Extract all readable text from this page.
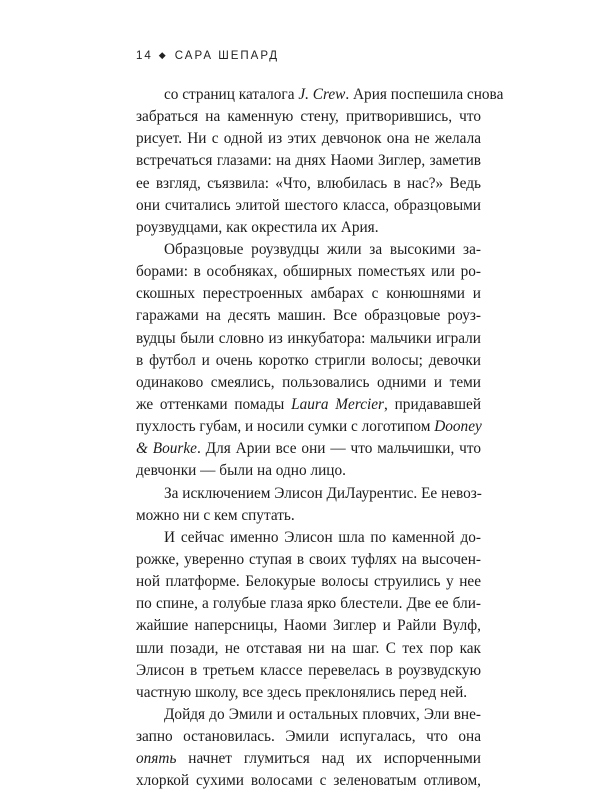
14 ◆ САРА ШЕПАРД
со страниц каталога J. Crew. Ария поспешила снова
забраться на каменную стену, притворившись, что
рисует. Ни с одной из этих девчонок она не желала
встречаться глазами: на днях Наоми Зиглер, заметив
ее взгляд, съязвила: «Что, влюбилась в нас?» Ведь
они считались элитой шестого класса, образцовыми
роузвудцами, как окрестила их Ария.
Образцовые роузвудцы жили за высокими за-
борами: в особняках, обширных поместьях или ро-
скошных перестроенных амбарах с конюшнями и
гаражами на десять машин. Все образцовые роуз-
вудцы были словно из инкубатора: мальчики играли
в футбол и очень коротко стригли волосы; девочки
одинаково смеялись, пользовались одними и теми
же оттенками помады Laura Mercier, придававшей
пухлость губам, и носили сумки с логотипом Dooney
& Bourke. Для Арии все они — что мальчишки, что
девчонки — были на одно лицо.
За исключением Элисон ДиЛаурентис. Ее невоз-
можно ни с кем спутать.
И сейчас именно Элисон шла по каменной до-
рожке, уверенно ступая в своих туфлях на высочен-
ной платформе. Белокурые волосы струились у нее
по спине, а голубые глаза ярко блестели. Две ее бли-
жайшие наперсницы, Наоми Зиглер и Райли Вулф,
шли позади, не отставая ни на шаг. С тех пор как
Элисон в третьем классе перевелась в роузвудскую
частную школу, все здесь преклонялись перед ней.
Дойдя до Эмили и остальных пловчих, Эли вне-
запно остановилась. Эмили испугалась, что она
опять начнет глумиться над их испорченными
хлоркой сухими волосами с зеленоватым отливом,
